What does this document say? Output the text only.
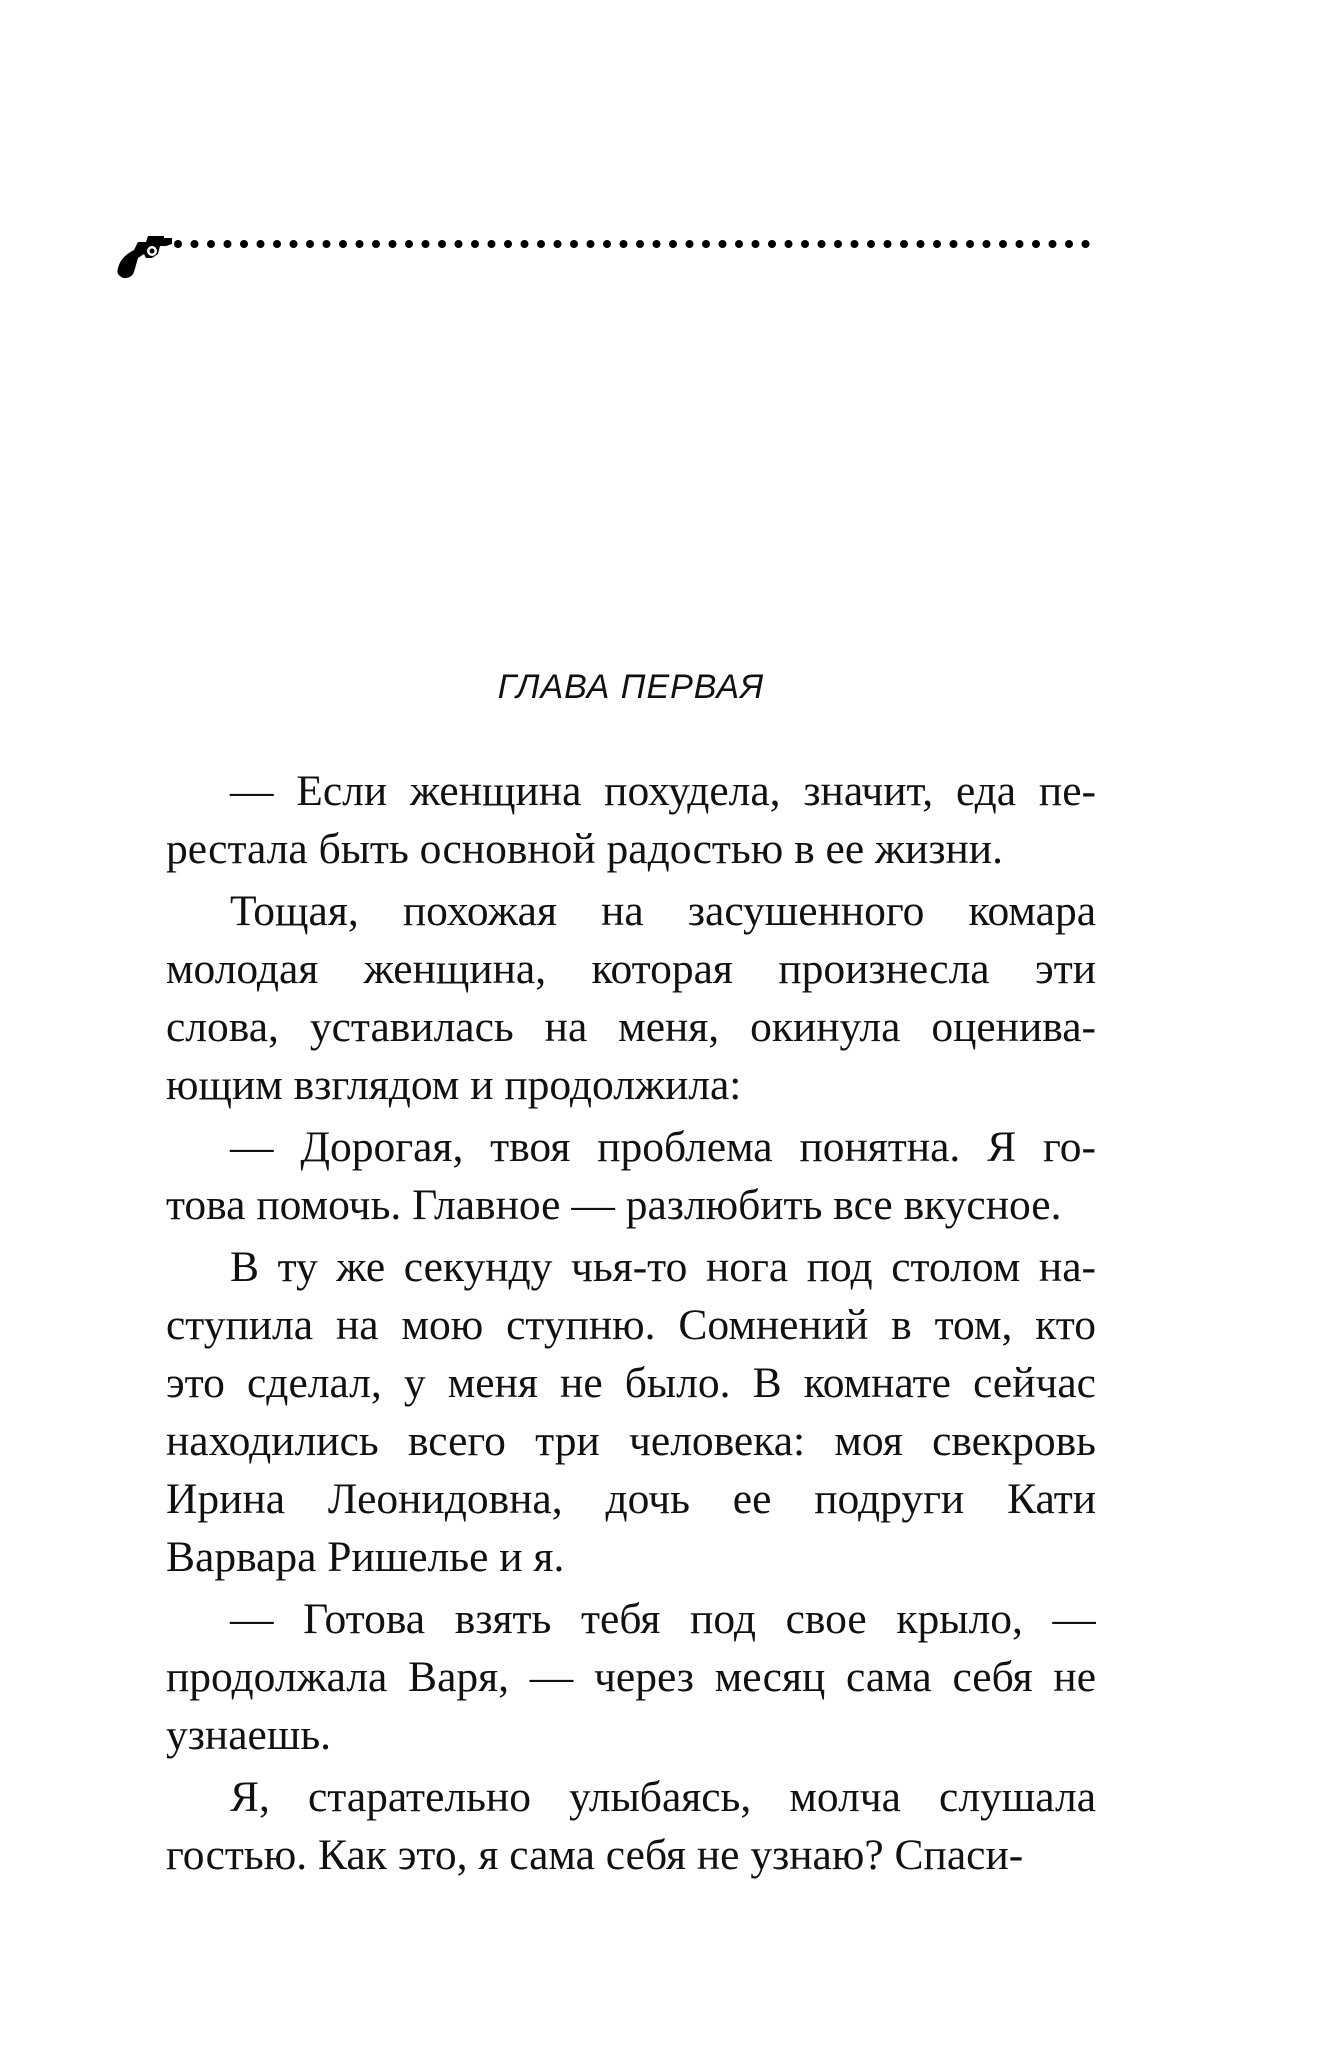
ГЛАВА ПЕРВАЯ
— Если женщина похудела, значит, еда пе-
рестала быть основной радостью в ее жизни.
Тощая, похожая на засушенного комара
молодая женщина, которая произнесла эти
слова, уставилась на меня, окинула оценива-
ющим взглядом и продолжила:
— Дорогая, твоя проблема понятна. Я го-
това помочь. Главное — разлюбить все вкусное.
В ту же секунду чья-то нога под столом на-
ступила на мою ступню. Сомнений в том, кто
это сделал, у меня не было. В комнате сейчас
находились всего три человека: моя свекровь
Ирина Леонидовна, дочь ее подруги Кати
Варвара Ришелье и я.
— Готова взять тебя под свое крыло, —
продолжала Варя, — через месяц сама себя не
узнаешь.
Я, старательно улыбаясь, молча слушала
гостью. Как это, я сама себя не узнаю? Спаси-
